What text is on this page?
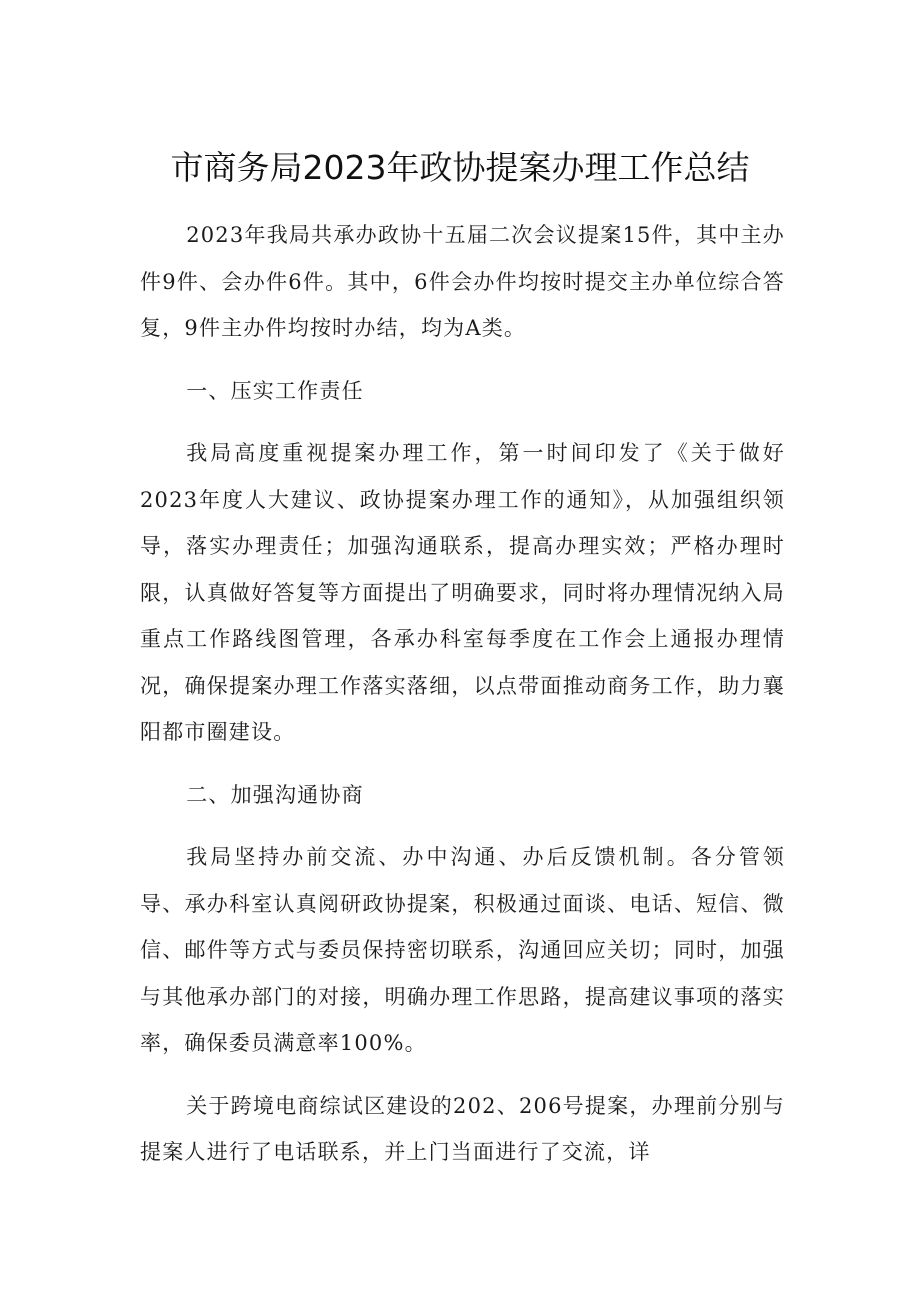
市商务局2023年政协提案办理工作总结

2023年我局共承办政协十五届二次会议提案15件，其中主办件9件、会办件6件。其中，6件会办件均按时提交主办单位综合答复，9件主办件均按时办结，均为A类。

一、压实工作责任

我局高度重视提案办理工作，第一时间印发了《关于做好2023年度人大建议、政协提案办理工作的通知》，从加强组织领导，落实办理责任；加强沟通联系，提高办理实效；严格办理时限，认真做好答复等方面提出了明确要求，同时将办理情况纳入局重点工作路线图管理，各承办科室每季度在工作会上通报办理情况，确保提案办理工作落实落细，以点带面推动商务工作，助力襄阳都市圈建设。

二、加强沟通协商

我局坚持办前交流、办中沟通、办后反馈机制。各分管领导、承办科室认真阅研政协提案，积极通过面谈、电话、短信、微信、邮件等方式与委员保持密切联系，沟通回应关切；同时，加强与其他承办部门的对接，明确办理工作思路，提高建议事项的落实率，确保委员满意率100%。

关于跨境电商综试区建设的202、206号提案，办理前分别与提案人进行了电话联系，并上门当面进行了交流，详
